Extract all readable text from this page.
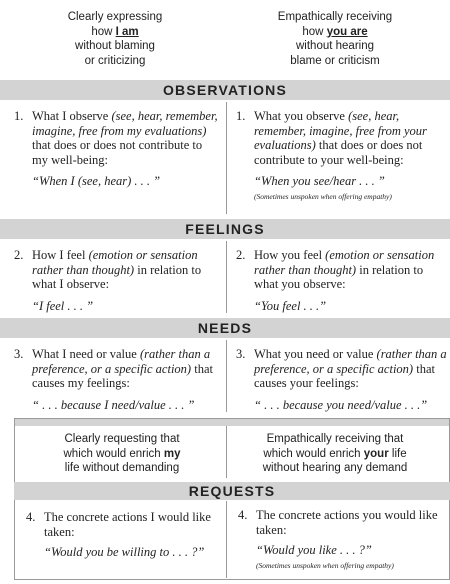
Clearly expressing
how I am
without blaming
or criticizing
Empathically receiving
how you are
without hearing
blame or criticism
OBSERVATIONS
1. What I observe (see, hear, remember, imagine, free from my evaluations) that does or does not contribute to my well-being:
“When I (see, hear) . . . ”
1. What you observe (see, hear, remember, imagine, free from your evaluations) that does or does not contribute to your well-being:
“When you see/hear . . . ”
(Sometimes unspoken when offering empathy)
FEELINGS
2. How I feel (emotion or sensation rather than thought) in relation to what I observe:
“I feel . . . ”
2. How you feel (emotion or sensation rather than thought) in relation to what you observe:
“You feel . . .”
NEEDS
3. What I need or value (rather than a preference, or a specific action) that causes my feelings:
“ . . . because I need/value . . . ”
3. What you need or value (rather than a preference, or a specific action) that causes your feelings:
“ . . . because you need/value . . .”
Clearly requesting that
which would enrich my
life without demanding
Empathically receiving that
which would enrich your life
without hearing any demand
REQUESTS
4. The concrete actions I would like taken:
“Would you be willing to . . . ?”
4. The concrete actions you would like taken:
“Would you like . . . ?”
(Sometimes unspoken when offering empathy)
